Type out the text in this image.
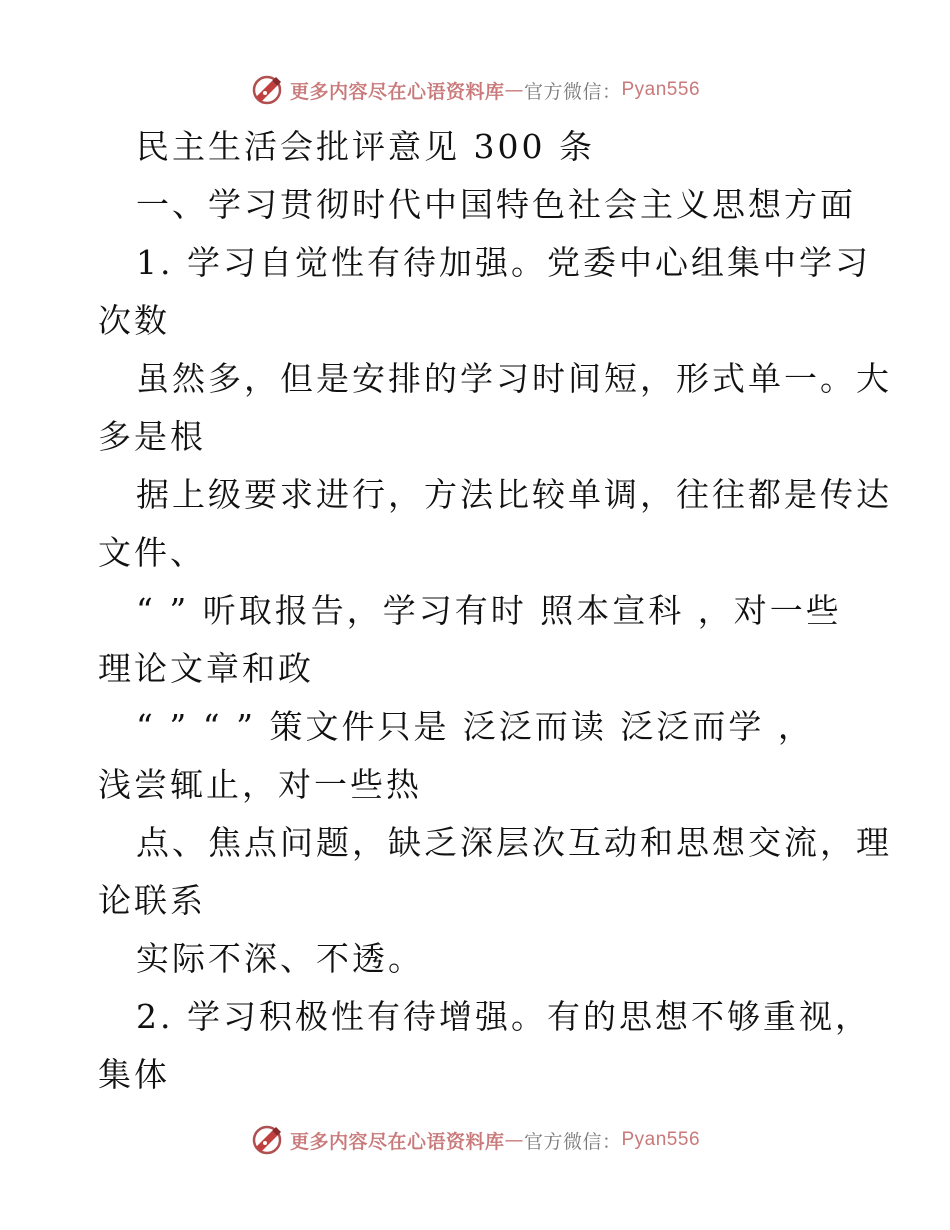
更多内容尽在心语资料库 — 官方微信： Pyan556
民主生活会批评意见 300 条
一、学习贯彻时代中国特色社会主义思想方面
1. 学习自觉性有待加强。党委中心组集中学习
次数
虽然多，但是安排的学习时间短，形式单一。大
多是根
据上级要求进行，方法比较单调，往往都是传达
文件、
“ ” 听取报告，学习有时 照本宣科 ，对一些
理论文章和政
“ ” “ ” 策文件只是 泛泛而读 泛泛而学 ，
浅尝辄止，对一些热
点、焦点问题，缺乏深层次互动和思想交流，理
论联系
实际不深、不透。
2. 学习积极性有待增强。有的思想不够重视，
集体
更多内容尽在心语资料库 — 官方微信： Pyan556
